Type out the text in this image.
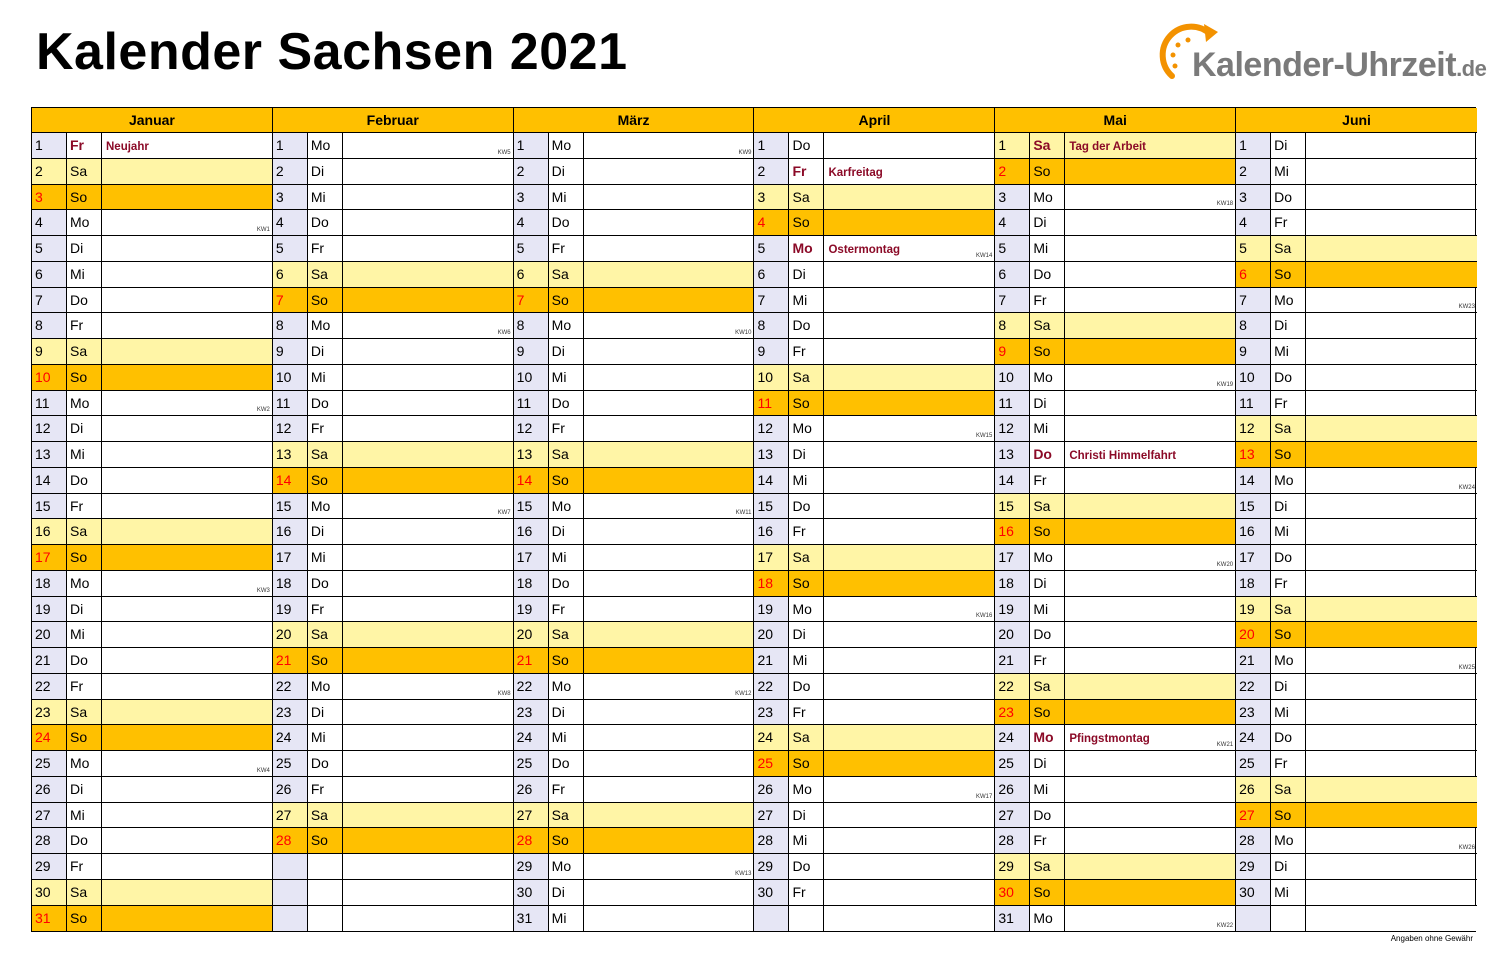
Kalender Sachsen 2021	Kalender-Uhrzeit.de
Januar
1	Fr	Neujahr
2	Sa
3	So
4	Mo	KW1
5	Di
6	Mi
7	Do
8	Fr
9	Sa
10	So
11	Mo	KW2
12	Di
13	Mi
14	Do
15	Fr
16	Sa
17	So
18	Mo	KW3
19	Di
20	Mi
21	Do
22	Fr
23	Sa
24	So
25	Mo	KW4
26	Di
27	Mi
28	Do
29	Fr
30	Sa
31	So
Februar
1	Mo	KW5
2	Di
3	Mi
4	Do
5	Fr
6	Sa
7	So
8	Mo	KW6
9	Di
10	Mi
11	Do
12	Fr
13	Sa
14	So
15	Mo	KW7
16	Di
17	Mi
18	Do
19	Fr
20	Sa
21	So
22	Mo	KW8
23	Di
24	Mi
25	Do
26	Fr
27	Sa
28	So
März
1	Mo	KW9
2	Di
3	Mi
4	Do
5	Fr
6	Sa
7	So
8	Mo	KW10
9	Di
10	Mi
11	Do
12	Fr
13	Sa
14	So
15	Mo	KW11
16	Di
17	Mi
18	Do
19	Fr
20	Sa
21	So
22	Mo	KW12
23	Di
24	Mi
25	Do
26	Fr
27	Sa
28	So
29	Mo	KW13
30	Di
31	Mi
April
1	Do
2	Fr	Karfreitag
3	Sa
4	So
5	Mo	Ostermontag	KW14
6	Di
7	Mi
8	Do
9	Fr
10	Sa
11	So
12	Mo	KW15
13	Di
14	Mi
15	Do
16	Fr
17	Sa
18	So
19	Mo	KW16
20	Di
21	Mi
22	Do
23	Fr
24	Sa
25	So
26	Mo	KW17
27	Di
28	Mi
29	Do
30	Fr
Mai
1	Sa	Tag der Arbeit
2	So
3	Mo	KW18
4	Di
5	Mi
6	Do
7	Fr
8	Sa
9	So
10	Mo	KW19
11	Di
12	Mi
13	Do	Christi Himmelfahrt
14	Fr
15	Sa
16	So
17	Mo	KW20
18	Di
19	Mi
20	Do
21	Fr
22	Sa
23	So
24	Mo	Pfingstmontag	KW21
25	Di
26	Mi
27	Do
28	Fr
29	Sa
30	So
31	Mo
KW22
Juni
1	Di
2	Mi
3	Do
4	Fr
5	Sa
6	So
7	Mo	KW23
8	Di
9	Mi
10	Do
11	Fr
12	Sa
13	So
14	Mo	KW24
15	Di
16	Mi
17	Do
18	Fr
19	Sa
20	So
21	Mo	KW25
22	Di
23	Mi
24	Do
25	Fr
26	Sa
27	So
28	Mo	KW26
29	Di
30	Mi
Angaben ohne Gewähr
